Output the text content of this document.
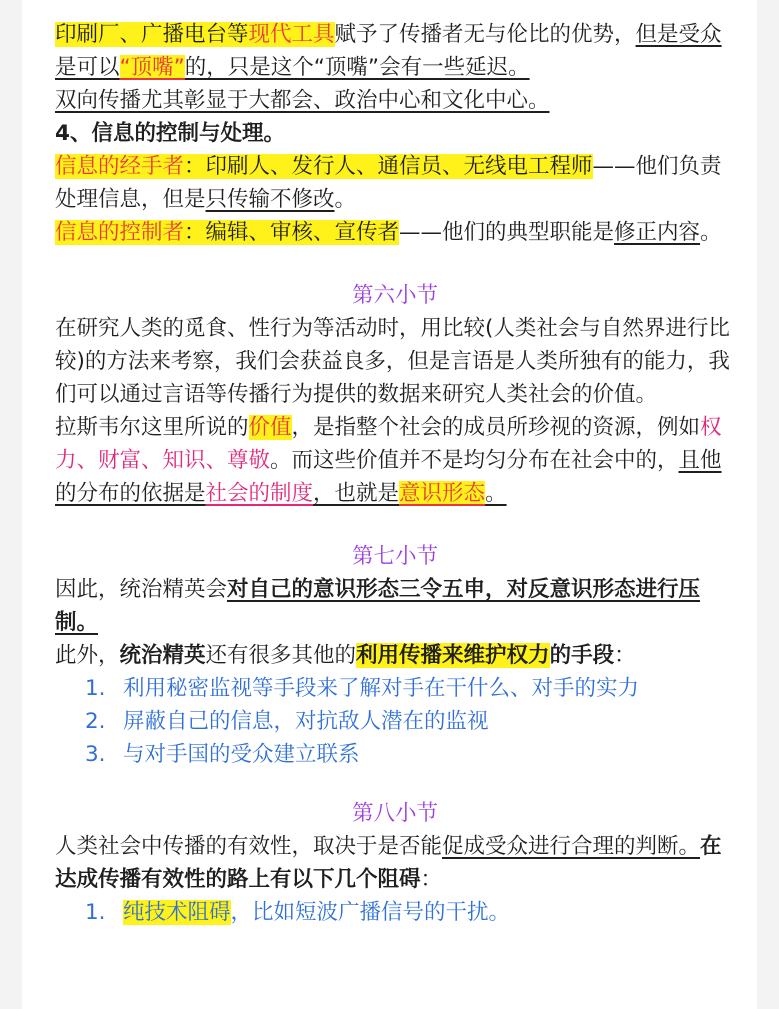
印刷厂、广播电台等现代工具赋予了传播者无与伦比的优势，但是受众是可以“顶嘴”的，只是这个“顶嘴”会有一些延迟。

双向传播尤其彰显于大都会、政治中心和文化中心。

4、信息的控制与处理。

信息的经手者：印刷人、发行人、通信员、无线电工程师——他们负责处理信息，但是只传输不修改。

信息的控制者：编辑、审核、宣传者——他们的典型职能是修正内容。

第六小节

在研究人类的觅食、性行为等活动时，用比较(人类社会与自然界进行比较)的方法来考察，我们会获益良多，但是言语是人类所独有的能力，我们可以通过言语等传播行为提供的数据来研究人类社会的价值。

拉斯韦尔这里所说的价值，是指整个社会的成员所珍视的资源，例如权力、财富、知识、尊敬。而这些价值并不是均匀分布在社会中的，且他的分布的依据是社会的制度，也就是意识形态。

第七小节

因此，统治精英会对自己的意识形态三令五申，对反意识形态进行压制。

此外，统治精英还有很多其他的利用传播来维护权力的手段：

1. 利用秘密监视等手段来了解对手在干什么、对手的实力
2. 屏蔽自己的信息，对抗敌人潜在的监视
3. 与对手国的受众建立联系

第八小节

人类社会中传播的有效性，取决于是否能促成受众进行合理的判断。在达成传播有效性的路上有以下几个阻碍：

1. 纯技术阻碍，比如短波广播信号的干扰。
